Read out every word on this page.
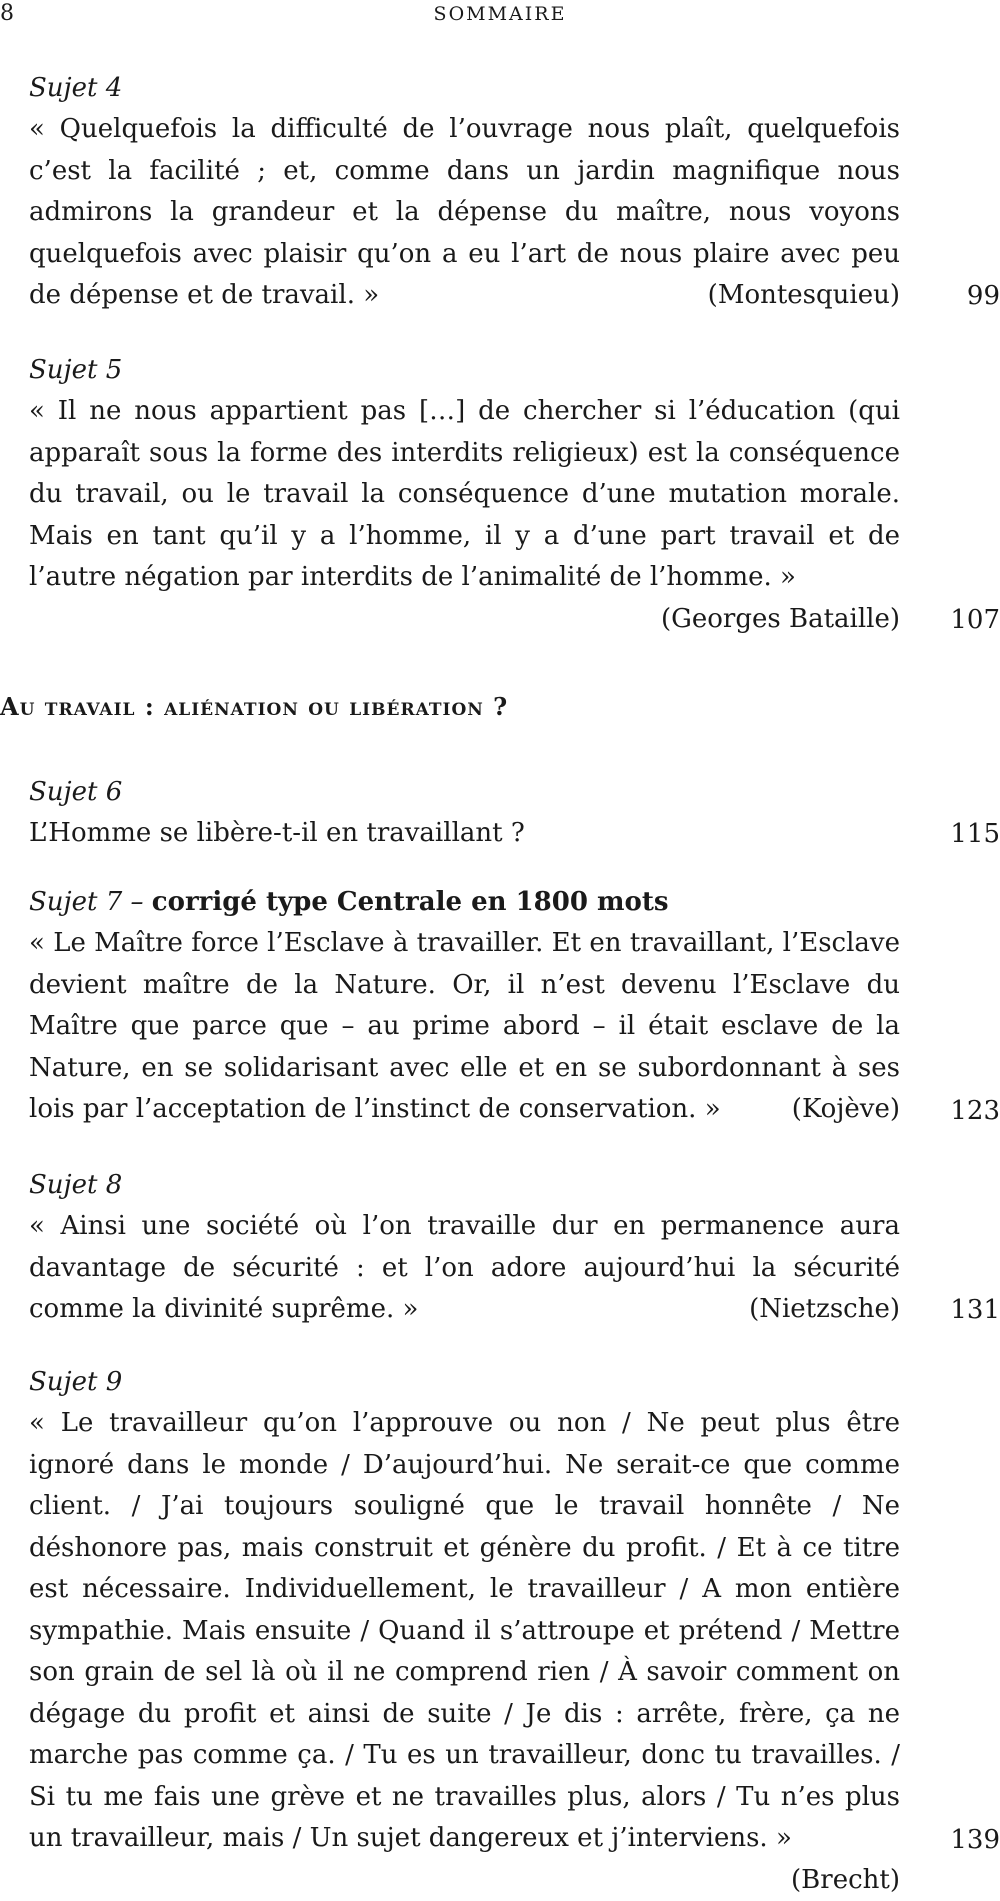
8	SOMMAIRE
Sujet 4
« Quelquefois la difficulté de l’ouvrage nous plaît, quelquefois c’est la facilité ; et, comme dans un jardin magnifique nous admirons la grandeur et la dépense du maître, nous voyons quelquefois avec plaisir qu’on a eu l’art de nous plaire avec peu de dépense et de travail. »	(Montesquieu)	99
Sujet 5
« Il ne nous appartient pas […] de chercher si l’éducation (qui apparaît sous la forme des interdits religieux) est la conséquence du travail, ou le travail la conséquence d’une mutation morale. Mais en tant qu’il y a l’homme, il y a d’une part travail et de l’autre négation par interdits de l’animalité de l’homme. »
(Georges Bataille) 107
Au travail : aliénation ou libération ?
Sujet 6
L’Homme se libère-t-il en travaillant ?	115
Sujet 7 – corrigé type Centrale en 1800 mots
« Le Maître force l’Esclave à travailler. Et en travaillant, l’Esclave devient maître de la Nature. Or, il n’est devenu l’Esclave du Maître que parce que – au prime abord – il était esclave de la Nature, en se solidarisant avec elle et en se subordonnant à ses lois par l’acceptation de l’instinct de conservation. »	(Kojève) 123
Sujet 8
« Ainsi une société où l’on travaille dur en permanence aura davantage de sécurité : et l’on adore aujourd’hui la sécurité comme la divinité suprême. »	(Nietzsche) 131
Sujet 9
« Le travailleur qu’on l’approuve ou non / Ne peut plus être ignoré dans le monde / D’aujourd’hui. Ne serait-ce que comme client. / J’ai toujours souligné que le travail honnête / Ne déshonore pas, mais construit et génère du profit. / Et à ce titre est nécessaire. Individuellement, le travailleur / A mon entière sympathie. Mais ensuite / Quand il s’attroupe et prétend / Mettre son grain de sel là où il ne comprend rien / À savoir comment on dégage du profit et ainsi de suite / Je dis : arrête, frère, ça ne marche pas comme ça. / Tu es un travailleur, donc tu travailles. / Si tu me fais une grève et ne travailles plus, alors / Tu n’es plus un travailleur, mais / Un sujet dangereux et j’interviens. »
(Brecht)
139
